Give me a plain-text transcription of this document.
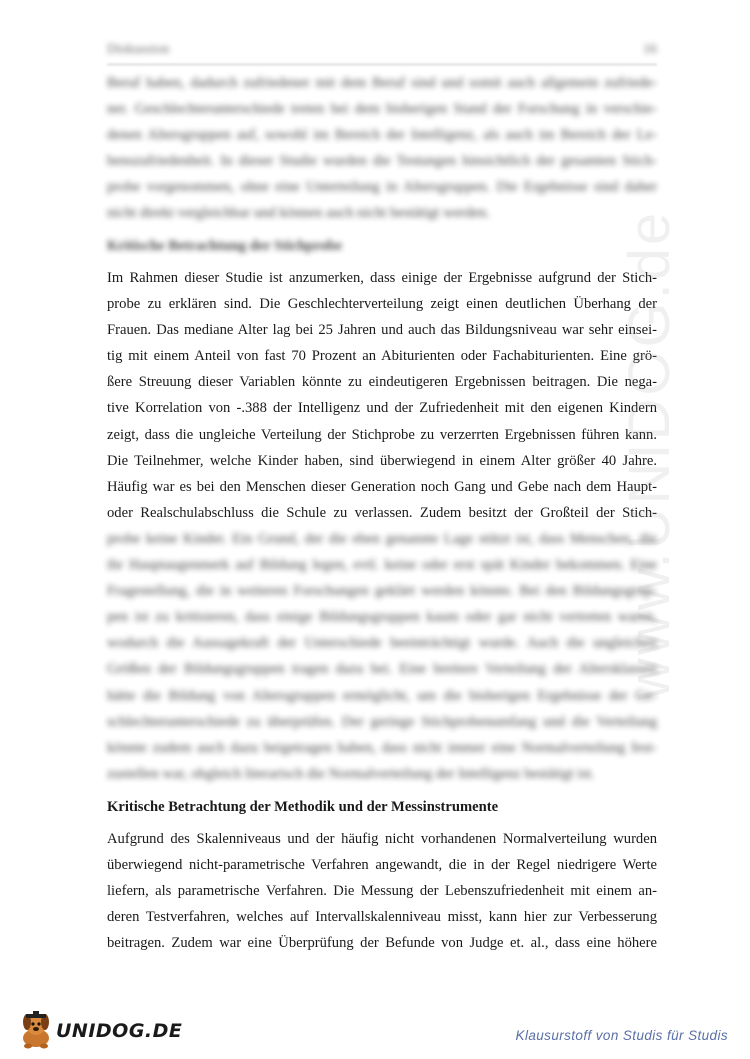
Diskussion	16
Beruf haben, dadurch zufriedener mit dem Beruf sind und somit auch allgemein zufriede-
ner. Geschlechterunterschiede treten bei dem bisherigen Stand der Forschung in verschie-
denen Altersgruppen auf, sowohl im Bereich der Intelligenz, als auch im Bereich der Le-
benszufriedenheit. In dieser Studie wurden die Testungen hinsichtlich der gesamten Stich-
probe vorgenommen, ohne eine Unterteilung in Altersgruppen. Die Ergebnisse sind daher
nicht direkt vergleichbar und können auch nicht bestätigt werden.
Kritische Betrachtung der Stichprobe
Im Rahmen dieser Studie ist anzumerken, dass einige der Ergebnisse aufgrund der Stich-
probe zu erklären sind. Die Geschlechterverteilung zeigt einen deutlichen Überhang der
Frauen. Das mediane Alter lag bei 25 Jahren und auch das Bildungsniveau war sehr einsei-
tig mit einem Anteil von fast 70 Prozent an Abiturienten oder Fachabiturienten. Eine grö-
ßere Streuung dieser Variablen könnte zu eindeutigeren Ergebnissen beitragen. Die nega-
tive Korrelation von -.388 der Intelligenz und der Zufriedenheit mit den eigenen Kindern
zeigt, dass die ungleiche Verteilung der Stichprobe zu verzerrten Ergebnissen führen kann.
Die Teilnehmer, welche Kinder haben, sind überwiegend in einem Alter größer 40 Jahre.
Häufig war es bei den Menschen dieser Generation noch Gang und Gebe nach dem Haupt-
oder Realschulabschluss die Schule zu verlassen. Zudem besitzt der Großteil der Stich-
probe keine Kinder. Ein Grund, der die eben genannte Lage stützt ist, dass Menschen, die
ihr Hauptaugenmerk auf Bildung legen, evtl. keine oder erst spät Kinder bekommen. Eine
Fragestellung, die in weiteren Forschungen geklärt werden könnte. Bei den Bildungsgrup-
pen ist zu kritisieren, dass einige Bildungsgruppen kaum oder gar nicht vertreten waren,
wodurch die Aussagekraft der Unterschiede beeinträchtigt wurde. Auch die ungleichen
Größen der Bildungsgruppen tragen dazu bei. Eine breitere Verteilung der Altersklassen
hätte die Bildung von Altersgruppen ermöglicht, um die bisherigen Ergebnisse der Ge-
schlechterunterschiede zu überprüfen. Der geringe Stichprobenumfang und die Verteilung
könnte zudem auch dazu beigetragen haben, dass nicht immer eine Normalverteilung fest-
zustellen war, obgleich literarisch die Normalverteilung der Intelligenz bestätigt ist.
Kritische Betrachtung der Methodik und der Messinstrumente
Aufgrund des Skalenniveaus und der häufig nicht vorhandenen Normalverteilung wurden
überwiegend nicht-parametrische Verfahren angewandt, die in der Regel niedrigere Werte
liefern, als parametrische Verfahren. Die Messung der Lebenszufriedenheit mit einem an-
deren Testverfahren, welches auf Intervallskalenniveau misst, kann hier zur Verbesserung
beitragen. Zudem war eine Überprüfung der Befunde von Judge et. al., dass eine höhere
www.UNIDOG.de
UNIDOG.DE	Klausurstoff von Studis für Studis
